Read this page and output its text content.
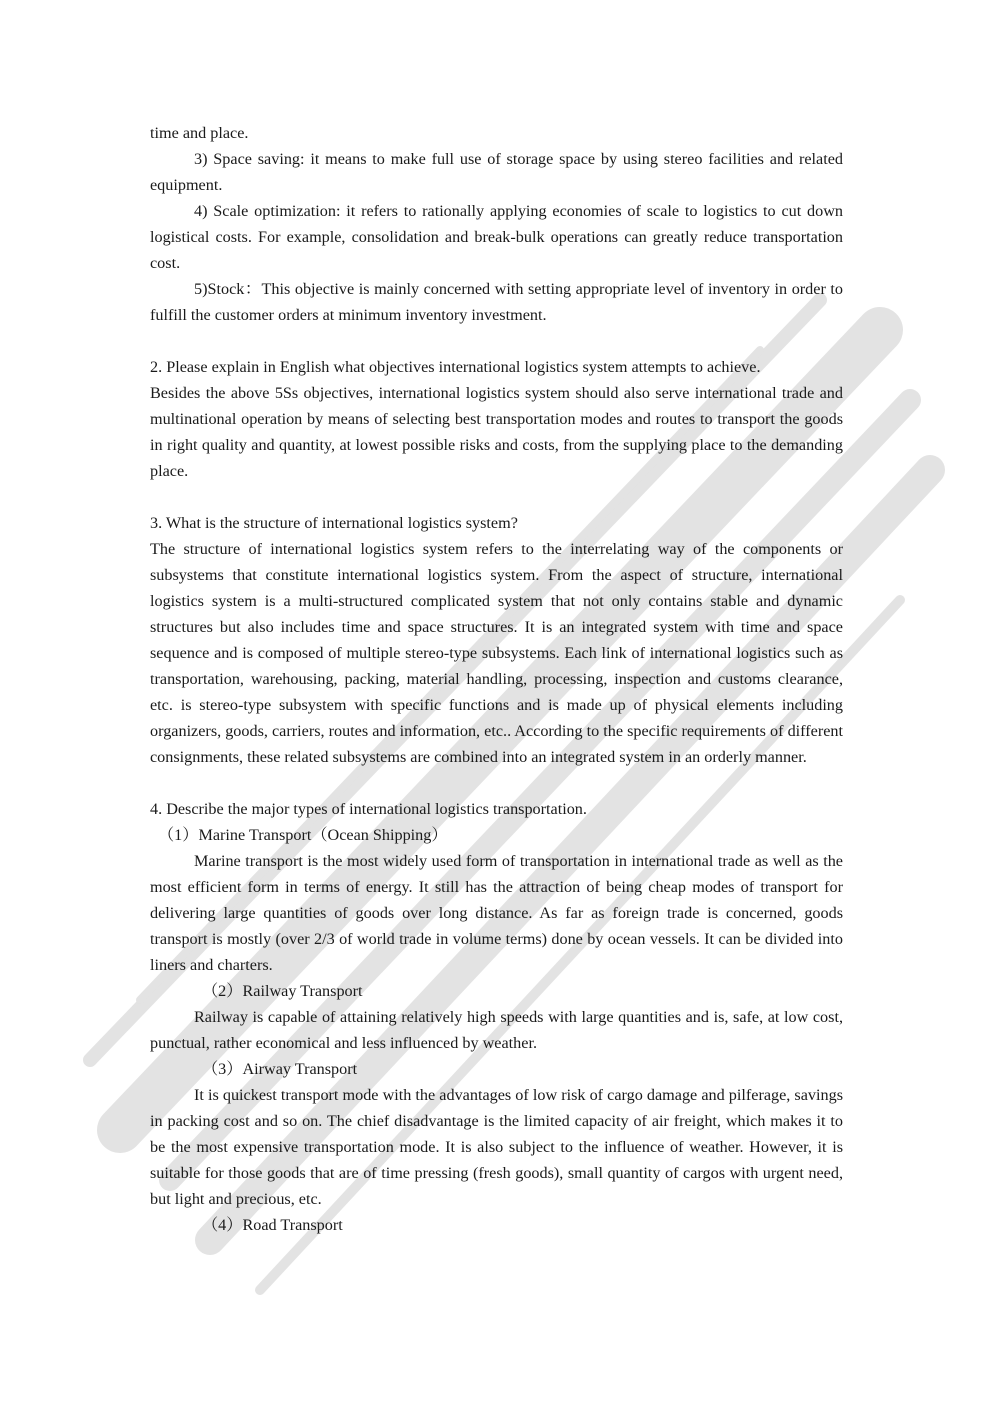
time and place.

3) Space saving: it means to make full use of storage space by using stereo facilities and related equipment.

4) Scale optimization: it refers to rationally applying economies of scale to logistics to cut down logistical costs. For example, consolidation and break-bulk operations can greatly reduce transportation cost.

5)Stock：This objective is mainly concerned with setting appropriate level of inventory in order to fulfill the customer orders at minimum inventory investment.

2. Please explain in English what objectives international logistics system attempts to achieve.

Besides the above 5Ss objectives, international logistics system should also serve international trade and multinational operation by means of selecting best transportation modes and routes to transport the goods in right quality and quantity, at lowest possible risks and costs, from the supplying place to the demanding place.

3. What is the structure of international logistics system?

The structure of international logistics system refers to the interrelating way of the components or subsystems that constitute international logistics system. From the aspect of structure, international logistics system is a multi-structured complicated system that not only contains stable and dynamic structures but also includes time and space structures. It is an integrated system with time and space sequence and is composed of multiple stereo-type subsystems. Each link of international logistics such as transportation, warehousing, packing, material handling, processing, inspection and customs clearance, etc. is stereo-type subsystem with specific functions and is made up of physical elements including organizers, goods, carriers, routes and information, etc.. According to the specific requirements of different consignments, these related subsystems are combined into an integrated system in an orderly manner.

4. Describe the major types of international logistics transportation.

（1）Marine Transport（Ocean Shipping）

Marine transport is the most widely used form of transportation in international trade as well as the most efficient form in terms of energy. It still has the attraction of being cheap modes of transport for delivering large quantities of goods over long distance. As far as foreign trade is concerned, goods transport is mostly (over 2/3 of world trade in volume terms) done by ocean vessels. It can be divided into liners and charters.

（2）Railway Transport

Railway is capable of attaining relatively high speeds with large quantities and is, safe, at low cost, punctual, rather economical and less influenced by weather.

（3）Airway Transport

It is quickest transport mode with the advantages of low risk of cargo damage and pilferage, savings in packing cost and so on. The chief disadvantage is the limited capacity of air freight, which makes it to be the most expensive transportation mode. It is also subject to the influence of weather. However, it is suitable for those goods that are of time pressing (fresh goods), small quantity of cargos with urgent need, but light and precious, etc.

（4）Road Transport
